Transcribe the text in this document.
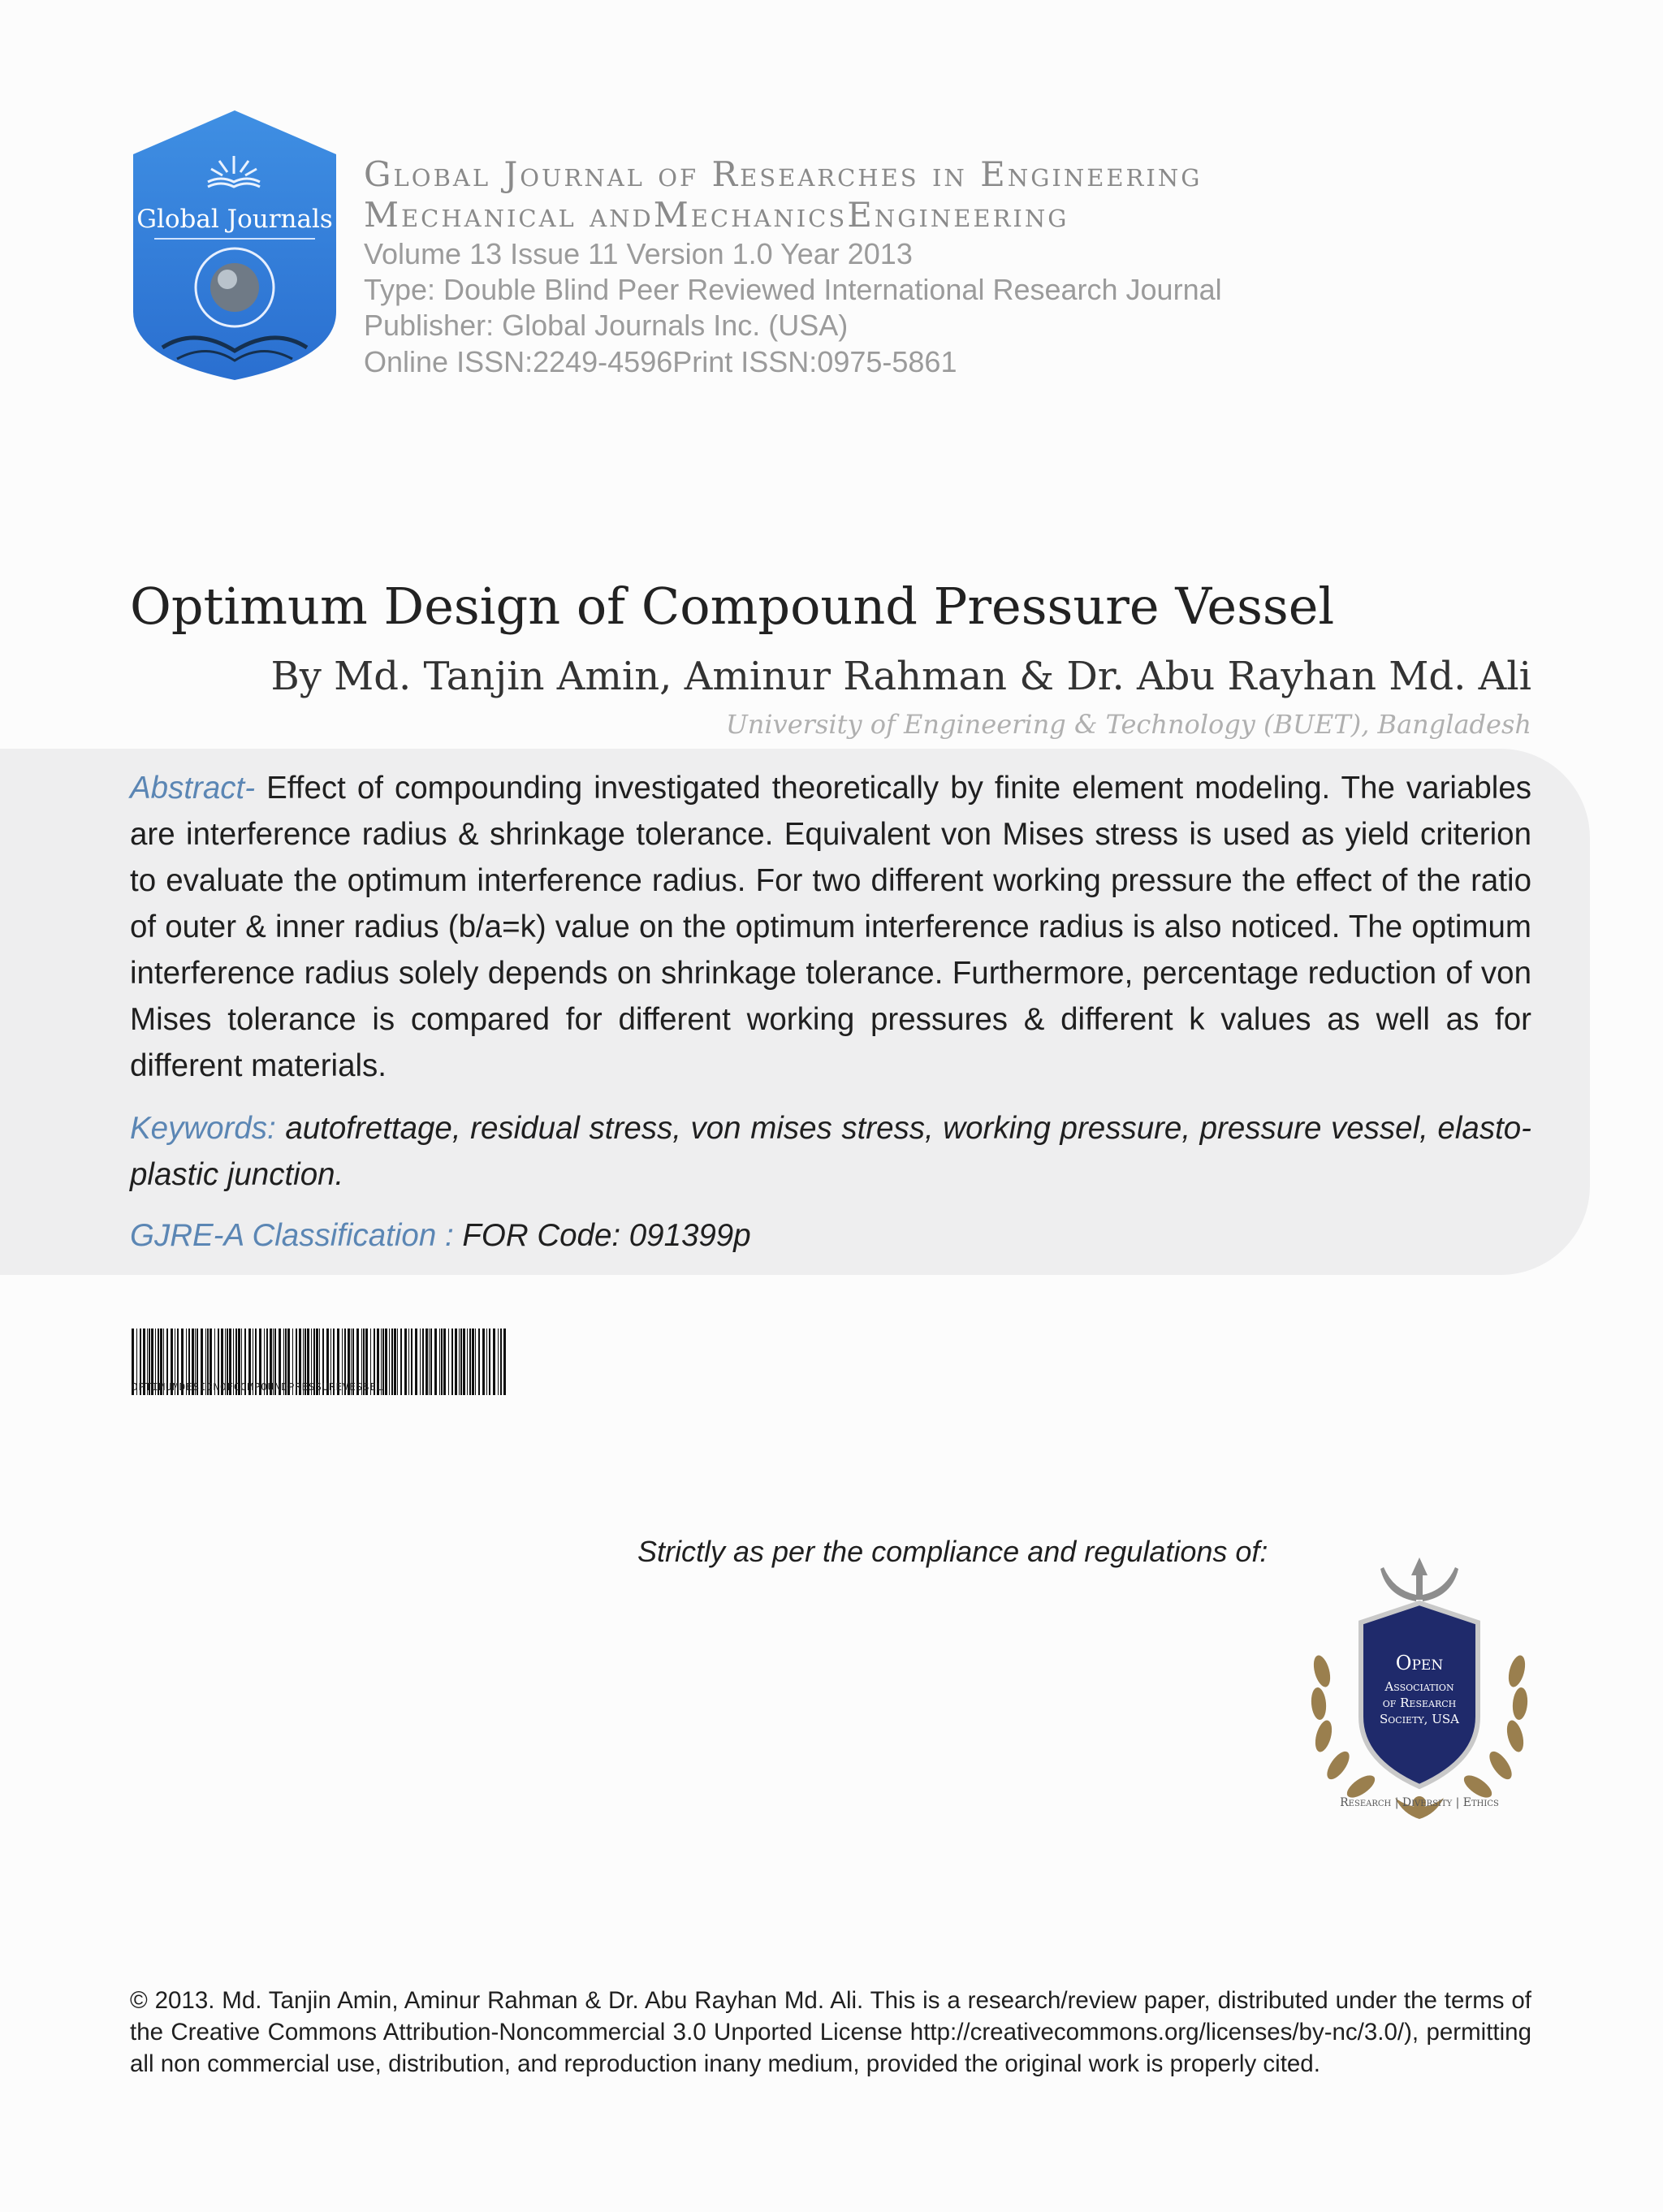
Global Journals
Global Journal of Researches in Engineering
Mechanical andMechanicsEngineering
Volume 13 Issue 11 Version 1.0 Year 2013
Type: Double Blind Peer Reviewed International Research Journal
Publisher: Global Journals Inc. (USA)
Online ISSN:2249-4596Print ISSN:0975-5861
Optimum Design of Compound Pressure Vessel
By Md. Tanjin Amin, Aminur Rahman & Dr. Abu Rayhan Md. Ali
University of Engineering & Technology (BUET), Bangladesh
Abstract- Effect of compounding investigated theoretically by finite element modeling. The variables are interference radius & shrinkage tolerance. Equivalent von Mises stress is used as yield criterion to evaluate the optimum interference radius. For two different working pressure the effect of the ratio of outer & inner radius (b/a=k) value on the optimum interference radius is also noticed. The optimum interference radius solely depends on shrinkage tolerance. Furthermore, percentage reduction of von Mises tolerance is compared for different working pressures & different k values as well as for different materials.
Keywords: autofrettage, residual stress, von mises stress, working pressure, pressure vessel, elasto-plastic junction.
GJRE-A Classification : FOR Code: 091399p
OPTIMUMDESIGNOFCOMPOUNDPRESSUREVESSEL
Strictly as per the compliance and regulations of:
Open
Association
of Research
Society, USA
Research | Diversity | Ethics
© 2013. Md. Tanjin Amin, Aminur Rahman & Dr. Abu Rayhan Md. Ali. This is a research/review paper, distributed under the terms of the Creative Commons Attribution-Noncommercial 3.0 Unported License http://creativecommons.org/licenses/by-nc/3.0/), permitting all non commercial use, distribution, and reproduction inany medium, provided the original work is properly cited.
